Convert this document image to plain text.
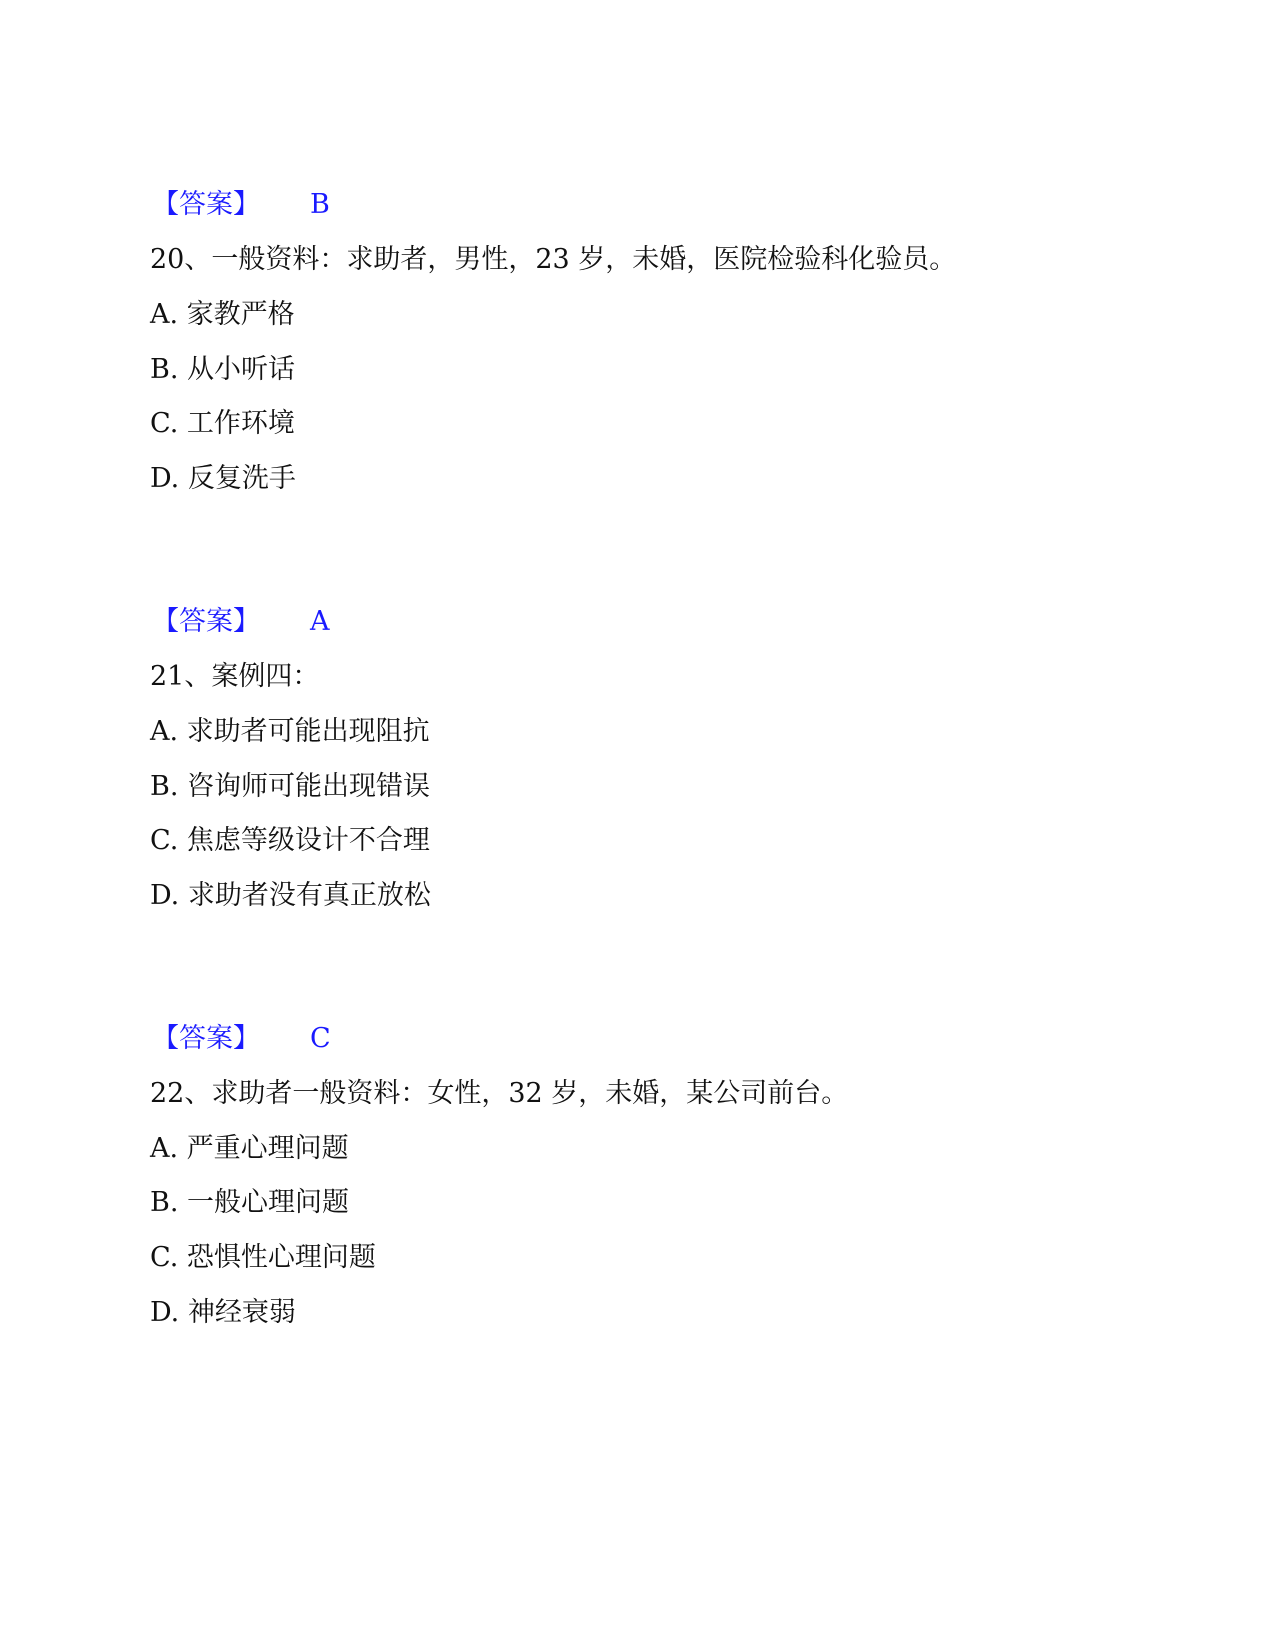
【答案】 B
20、一般资料：求助者，男性，23 岁，未婚，医院检验科化验员。
A. 家教严格
B. 从小听话
C. 工作环境
D. 反复洗手
【答案】 A
21、案例四：
A. 求助者可能出现阻抗
B. 咨询师可能出现错误
C. 焦虑等级设计不合理
D. 求助者没有真正放松
【答案】 C
22、求助者一般资料：女性，32 岁，未婚，某公司前台。
A. 严重心理问题
B. 一般心理问题
C. 恐惧性心理问题
D. 神经衰弱
